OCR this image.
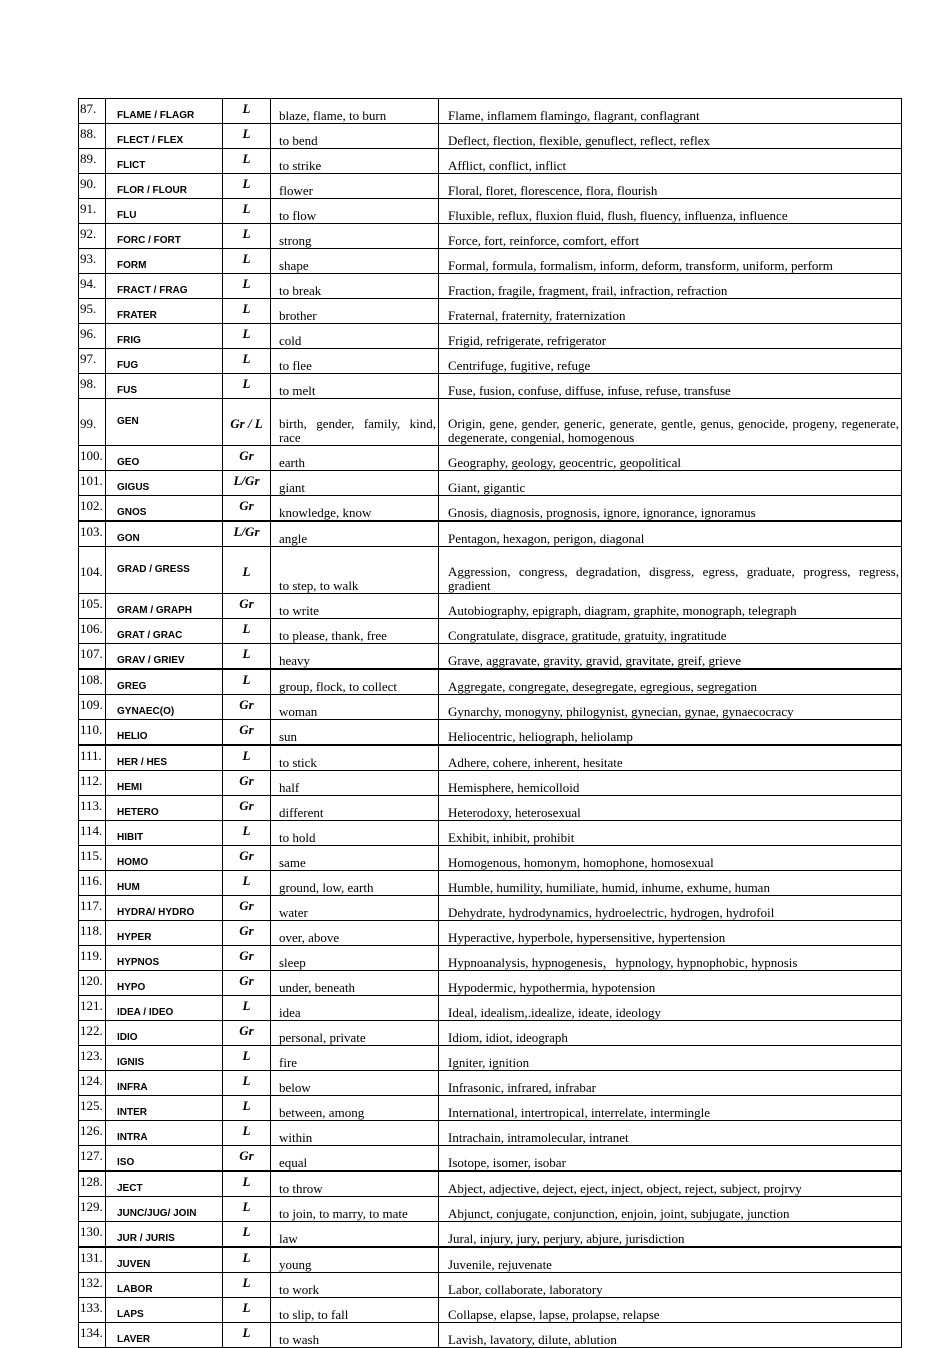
87.	FLAME / FLAGR	L	blaze, flame, to burn	Flame, inflamem flamingo, flagrant, conflagrant
88.	FLECT / FLEX	L	to bend	Deflect, flection, flexible, genuflect, reflect, reflex
89.	FLICT	L	to strike	Afflict, conflict, inflict
90.	FLOR / FLOUR	L	flower	Floral, floret, florescence, flora, flourish
91.	FLU	L	to flow	Fluxible, reflux, fluxion fluid, flush, fluency, influenza, influence
92.	FORC / FORT	L	strong	Force, fort, reinforce, comfort, effort
93.	FORM	L	shape	Formal, formula, formalism, inform, deform, transform, uniform, perform
94.	FRACT / FRAG	L	to break	Fraction, fragile, fragment, frail, infraction, refraction
95.	FRATER	L	brother	Fraternal, fraternity, fraternization
96.	FRIG	L	cold	Frigid, refrigerate, refrigerator
97.	FUG	L	to flee	Centrifuge, fugitive, refuge
98.	FUS	L	to melt	Fuse, fusion, confuse, diffuse, infuse, refuse, transfuse
99.	GEN	Gr / L	birth, gender, family, kind, race	Origin, gene, gender, generic, generate, gentle, genus, genocide, progeny, regenerate, degenerate, congenial, homogenous
100.	GEO	Gr	earth	Geography, geology, geocentric, geopolitical
101.	GIGUS	L/Gr	giant	Giant, gigantic
102.	GNOS	Gr	knowledge, know	Gnosis, diagnosis, prognosis, ignore, ignorance, ignoramus
103.	GON	L/Gr	angle	Pentagon, hexagon, perigon, diagonal
104.	GRAD / GRESS	L	to step, to walk	Aggression, congress, degradation, disgress, egress, graduate, progress, regress, gradient
105.	GRAM / GRAPH	Gr	to write	Autobiography, epigraph, diagram, graphite, monograph, telegraph
106.	GRAT / GRAC	L	to please, thank, free	Congratulate, disgrace, gratitude, gratuity, ingratitude
107.	GRAV / GRIEV	L	heavy	Grave, aggravate, gravity, gravid, gravitate, greif, grieve
108.	GREG	L	group, flock, to collect	Aggregate, congregate, desegregate, egregious, segregation
109.	GYNAEC(O)	Gr	woman	Gynarchy, monogyny, philogynist, gynecian, gynae, gynaecocracy
110.	HELIO	Gr	sun	Heliocentric, heliograph, heliolamp
111.	HER / HES	L	to stick	Adhere, cohere, inherent, hesitate
112.	HEMI	Gr	half	Hemisphere, hemicolloid
113.	HETERO	Gr	different	Heterodoxy, heterosexual
114.	HIBIT	L	to hold	Exhibit, inhibit, prohibit
115.	HOMO	Gr	same	Homogenous, homonym, homophone, homosexual
116.	HUM	L	ground, low, earth	Humble, humility, humiliate, humid, inhume, exhume, human
117.	HYDRA/ HYDRO	Gr	water	Dehydrate, hydrodynamics, hydroelectric, hydrogen, hydrofoil
118.	HYPER	Gr	over, above	Hyperactive, hyperbole, hypersensitive, hypertension
119.	HYPNOS	Gr	sleep	Hypnoanalysis, hypnogenesis，hypnology, hypnophobic, hypnosis
120.	HYPO	Gr	under, beneath	Hypodermic, hypothermia, hypotension
121.	IDEA / IDEO	L	idea	Ideal, idealism,.idealize, ideate, ideology
122.	IDIO	Gr	personal, private	Idiom, idiot, ideograph
123.	IGNIS	L	fire	Igniter, ignition
124.	INFRA	L	below	Infrasonic, infrared, infrabar
125.	INTER	L	between, among	International, intertropical, interrelate, intermingle
126.	INTRA	L	within	Intrachain, intramolecular, intranet
127.	ISO	Gr	equal	Isotope, isomer, isobar
128.	JECT	L	to throw	Abject, adjective, deject, eject, inject, object, reject, subject, projrvy
129.	JUNC/JUG/ JOIN	L	to join, to marry, to mate	Abjunct, conjugate, conjunction, enjoin, joint, subjugate, junction
130.	JUR / JURIS	L	law	Jural, injury, jury, perjury, abjure, jurisdiction
131.	JUVEN	L	young	Juvenile, rejuvenate
132.	LABOR	L	to work	Labor, collaborate, laboratory
133.	LAPS	L	to slip, to fall	Collapse, elapse, lapse, prolapse, relapse
134.	LAVER	L	to wash	Lavish, lavatory, dilute, ablution
